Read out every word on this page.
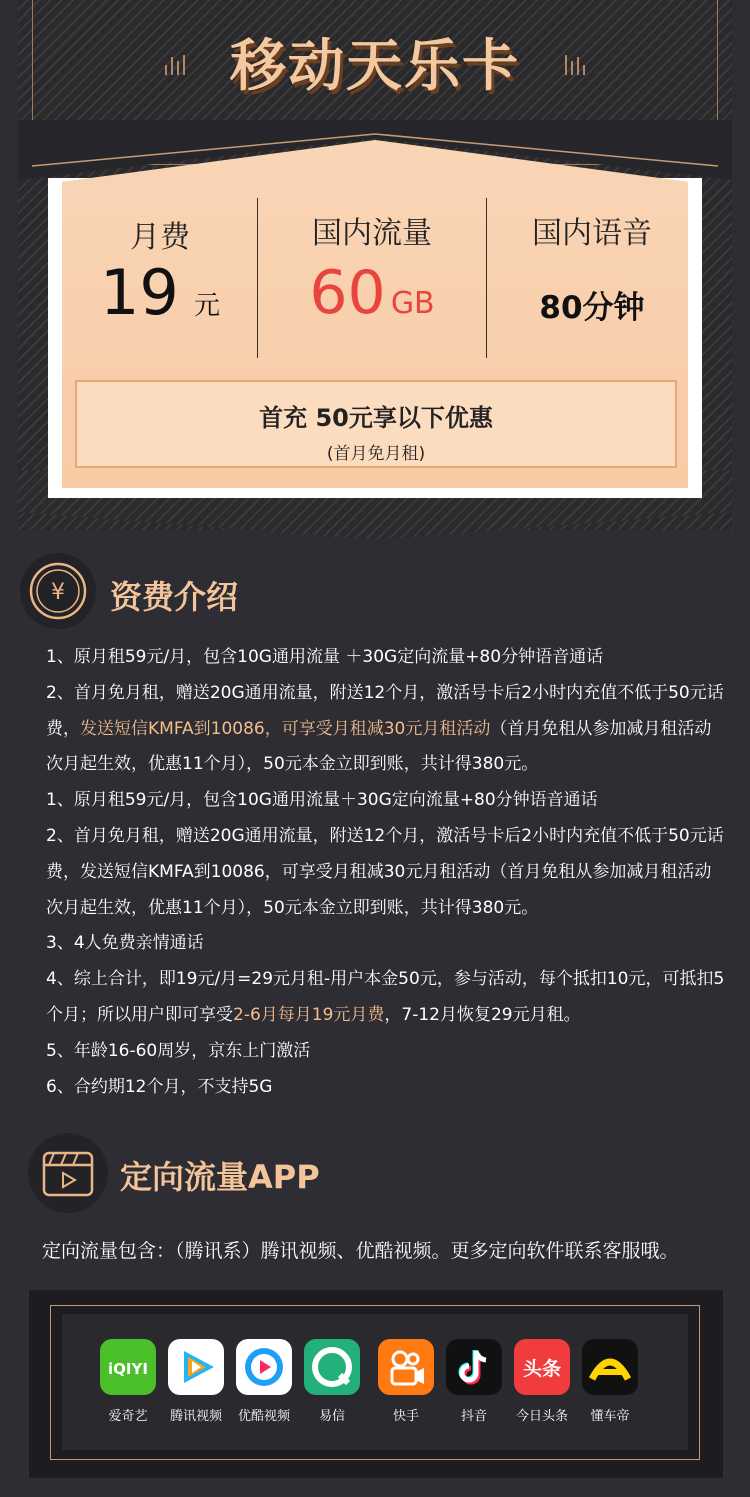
移动天乐卡
月费
19 元
国内流量
60 GB
国内语音
80分钟
首充 50元享以下优惠
(首月免月租)
¥ 资费介绍

1、原月租59元/月，包含10G通用流量 ＋30G定向流量+80分钟语音通话

2、首月免月租，赠送20G通用流量，附送12个月，激活号卡后2小时内充值不低于50元话费，发送短信KMFA到10086，可享受月租减30元月租活动（首月免租从参加减月租活动次月起生效，优惠11个月），50元本金立即到账，共计得380元。

1、原月租59元/月，包含10G通用流量＋30G定向流量+80分钟语音通话

2、首月免月租，赠送20G通用流量，附送12个月，激活号卡后2小时内充值不低于50元话费，发送短信KMFA到10086，可享受月租减30元月租活动（首月免租从参加减月租活动次月起生效，优惠11个月），50元本金立即到账，共计得380元。

3、4人免费亲情通话

4、综上合计，即19元/月=29元月租-用户本金50元，参与活动，每个抵扣10元，可抵扣5个月；所以用户即可享受2-6月每月19元月费，7-12月恢复29元月租。

5、年龄16-60周岁，京东上门激活

6、合约期12个月，不支持5G

定向流量APP
定向流量包含：（腾讯系）腾讯视频、优酷视频。更多定向软件联系客服哦。
iQIYI
爱奇艺	腾讯视频	优酷视频	易信	快手	抖音
头条
今日头条	懂车帝
